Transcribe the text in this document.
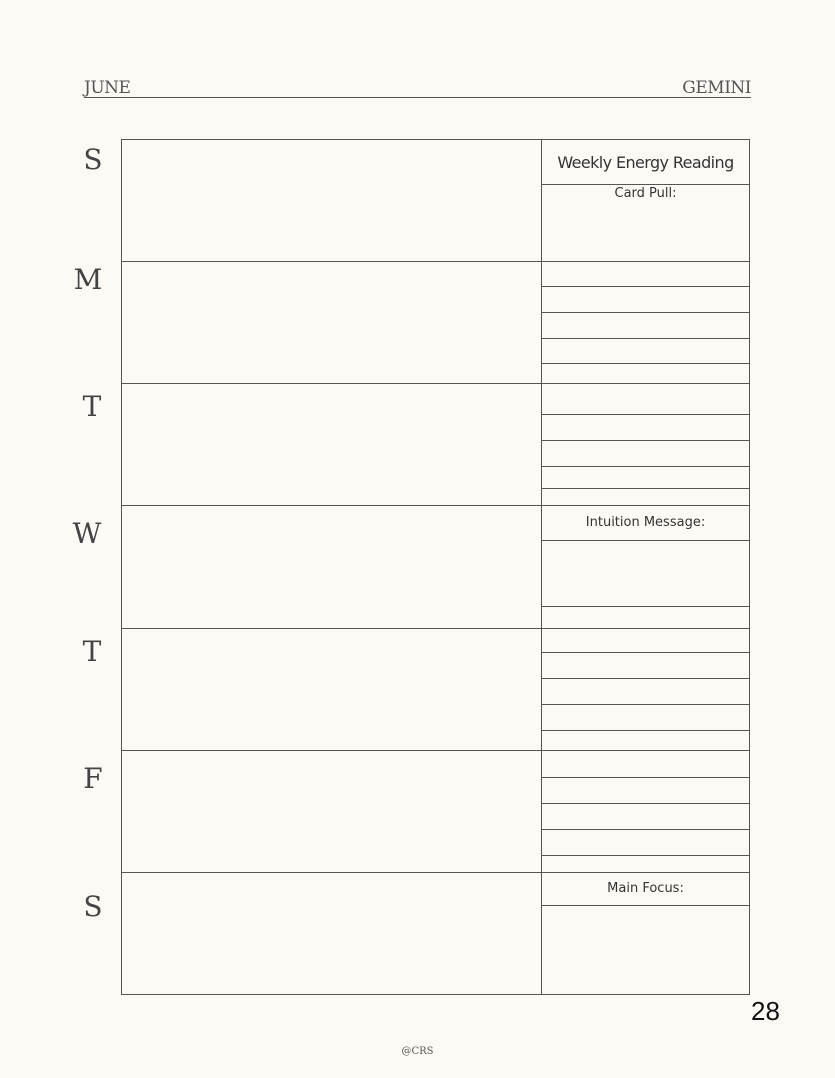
JUNE	GEMINI
S
M
T
W
T
F
S
Weekly Energy Reading
Card Pull:
Intuition Message:
Main Focus:
28
@CRS
